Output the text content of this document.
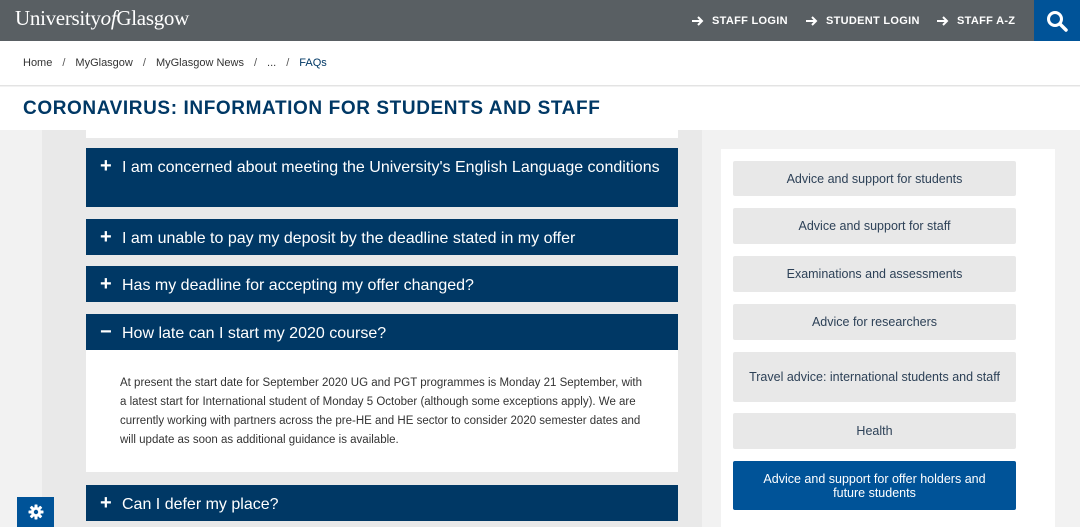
UniversityofGlasgow	STAFF LOGIN	STUDENT LOGIN	STAFF A-Z
Home / MyGlasgow / MyGlasgow News / ... / FAQs
CORONAVIRUS: INFORMATION FOR STUDENTS AND STAFF
+ I am concerned about meeting the University's English Language conditions
+ I am unable to pay my deposit by the deadline stated in my offer
+ Has my deadline for accepting my offer changed?
− How late can I start my 2020 course?

At present the start date for September 2020 UG and PGT programmes is Monday 21 September, with a latest start for International student of Monday 5 October (although some exceptions apply). We are currently working with partners across the pre-HE and HE sector to consider 2020 semester dates and will update as soon as additional guidance is available.

+ Can I defer my place?
Advice and support for students
Advice and support for staff
Examinations and assessments
Advice for researchers
Travel advice: international students and staff
Health
Advice and support for offer holders and future students
